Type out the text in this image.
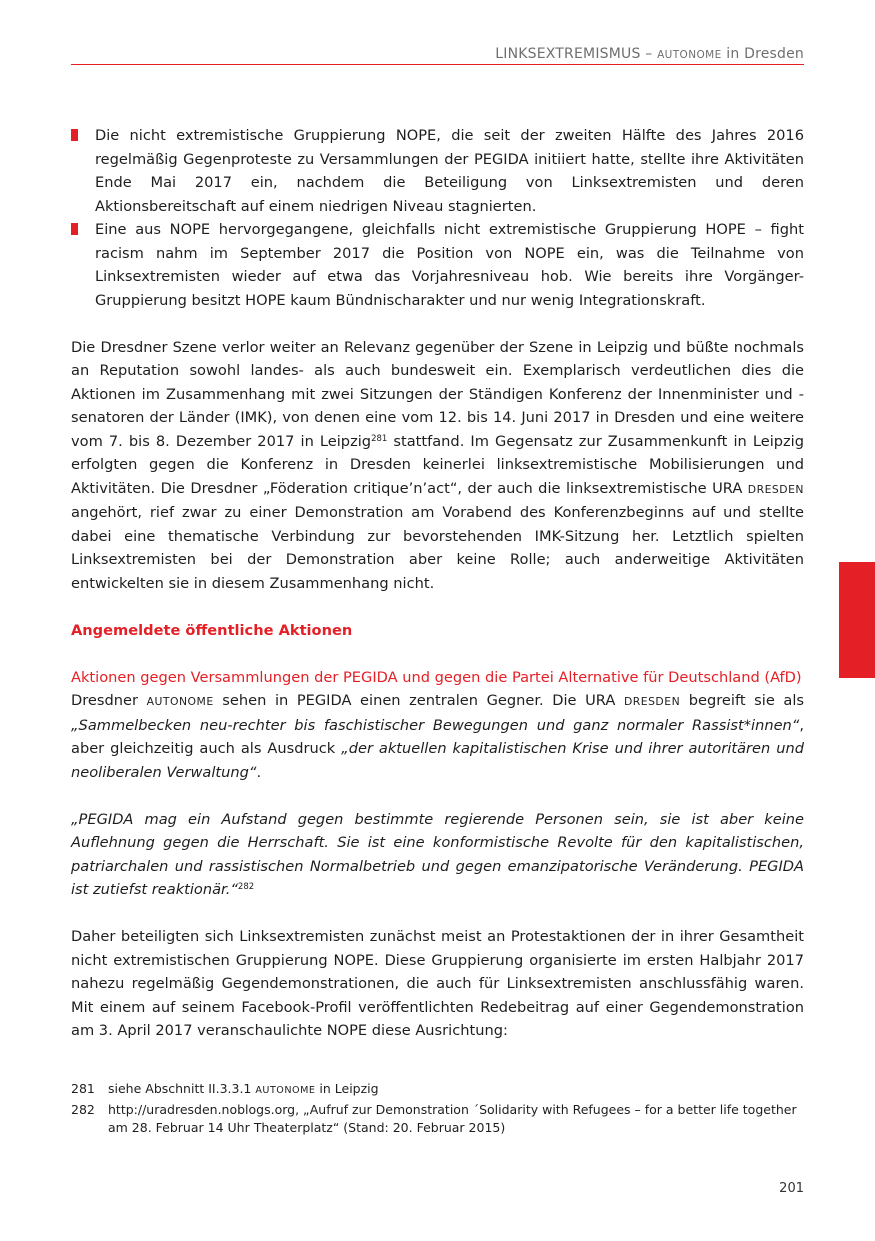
LINKSEXTREMISMUS – AUTONOME in Dresden
Die nicht extremistische Gruppierung NOPE, die seit der zweiten Hälfte des Jahres 2016 regelmäßig Gegenproteste zu Versammlungen der PEGIDA initiiert hatte, stellte ihre Aktivitäten Ende Mai 2017 ein, nachdem die Beteiligung von Linksextremisten und deren Aktionsbereitschaft auf einem niedrigen Niveau stagnierten.
Eine aus NOPE hervorgegangene, gleichfalls nicht extremistische Gruppierung HOPE – fight racism nahm im September 2017 die Position von NOPE ein, was die Teilnahme von Linksextremisten wieder auf etwa das Vorjahresniveau hob. Wie bereits ihre Vorgänger-Gruppierung besitzt HOPE kaum Bündnischarakter und nur wenig Integrationskraft.

Die Dresdner Szene verlor weiter an Relevanz gegenüber der Szene in Leipzig und büßte nochmals an Reputation sowohl landes- als auch bundesweit ein. Exemplarisch verdeutlichen dies die Aktionen im Zusammenhang mit zwei Sitzungen der Ständigen Konferenz der Innenminister und -senatoren der Länder (IMK), von denen eine vom 12. bis 14. Juni 2017 in Dresden und eine weitere vom 7. bis 8. Dezember 2017 in Leipzig$^{281}$ stattfand. Im Gegensatz zur Zusammenkunft in Leipzig erfolgten gegen die Konferenz in Dresden keinerlei linksextremistische Mobilisierungen und Aktivitäten. Die Dresdner „Föderation critique’n’act“, der auch die linksextremistische URA DRESDEN angehört, rief zwar zu einer Demonstration am Vorabend des Konferenzbeginns auf und stellte dabei eine thematische Verbindung zur bevorstehenden IMK-Sitzung her. Letztlich spielten Linksextremisten bei der Demonstration aber keine Rolle; auch anderweitige Aktivitäten entwickelten sie in diesem Zusammenhang nicht.

Angemeldete öffentliche Aktionen

Aktionen gegen Versammlungen der PEGIDA und gegen die Partei Alternative für Deutschland (AfD)

Dresdner AUTONOME sehen in PEGIDA einen zentralen Gegner. Die URA DRESDEN begreift sie als „Sammelbecken neu-rechter bis faschistischer Bewegungen und ganz normaler Rassist*innen“, aber gleichzeitig auch als Ausdruck „der aktuellen kapitalistischen Krise und ihrer autoritären und neoliberalen Verwaltung“.

„PEGIDA mag ein Aufstand gegen bestimmte regierende Personen sein, sie ist aber keine Auflehnung gegen die Herrschaft. Sie ist eine konformistische Revolte für den kapitalistischen, patriarchalen und rassistischen Normalbetrieb und gegen emanzipatorische Veränderung. PEGIDA ist zutiefst reaktionär.“$^{282}$

Daher beteiligten sich Linksextremisten zunächst meist an Protestaktionen der in ihrer Gesamtheit nicht extremistischen Gruppierung NOPE. Diese Gruppierung organisierte im ersten Halbjahr 2017 nahezu regelmäßig Gegendemonstrationen, die auch für Linksextremisten anschlussfähig waren. Mit einem auf seinem Facebook-Profil veröffentlichten Redebeitrag auf einer Gegendemonstration am 3. April 2017 veranschaulichte NOPE diese Ausrichtung:

281	siehe Abschnitt II.3.3.1 AUTONOME in Leipzig
282	http://uradresden.noblogs.org, „Aufruf zur Demonstration ´Solidarity with Refugees – for a better life together am 28. Februar 14 Uhr Theaterplatz“ (Stand: 20. Februar 2015)
201
